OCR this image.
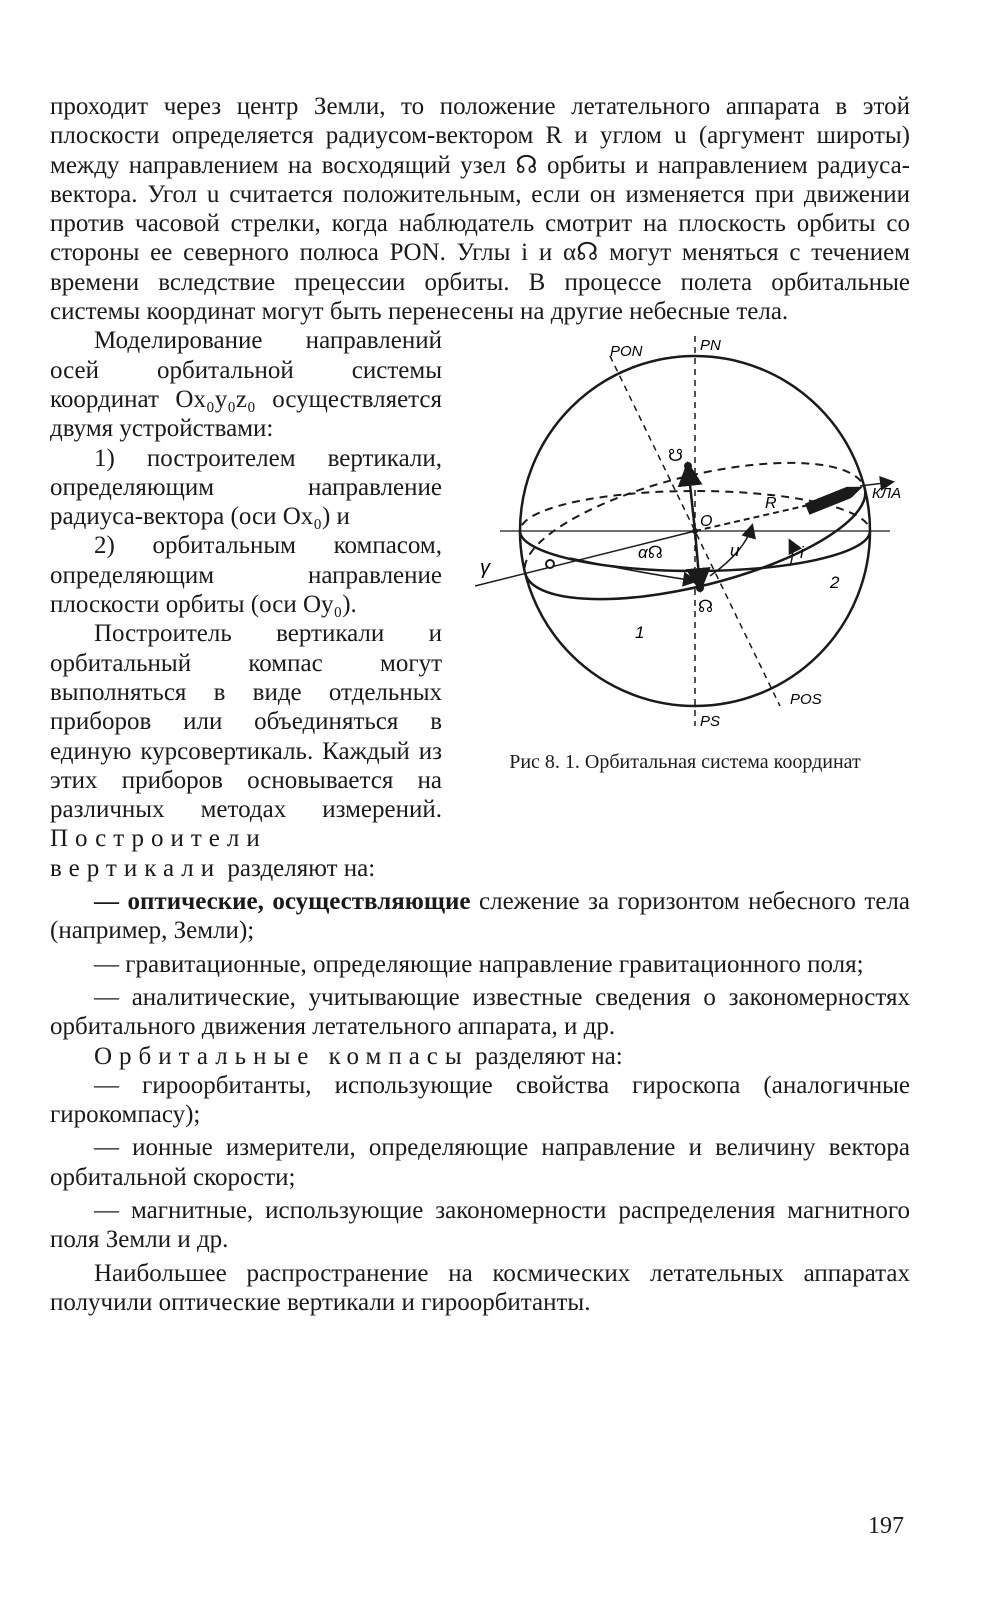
проходит через центр Земли, то положение летательного аппарата в этой плоскости определяется радиусом-вектором R и углом u (аргумент широты) между направлением на восходящий узел ☊ орбиты и направлением радиуса-вектора. Угол u считается положительным, если он изменяется при движении против часовой стрелки, когда наблюдатель смотрит на плоскость орбиты со стороны ее северного полюса PON. Углы i и α☊ могут меняться с течением времени вследствие прецессии орбиты. В процессе полета орбитальные системы координат могут быть перенесены на другие небесные тела.

PON	PN
☋
O
R̄
КЛА
γ
α☊	u	i
2
☊
1
POS
PS
Рис 8. 1. Орбитальная система координат

Моделирование направлений осей орбитальной системы координат Ox₀y₀z₀ осуществляется двумя устройствами:

1) построителем вертикали, определяющим направление радиуса-вектора (оси Ox₀) и

2) орбитальным компасом, определяющим направление плоскости орбиты (оси Oy₀).

Построитель вертикали и орбитальный компас могут выполняться в виде отдельных приборов или объединяться в единую курсовертикаль. Каждый из этих приборов основывается на различных методах измерений. Построители вертикали разделяют на:

— оптические, осуществляющие слежение за горизонтом небесного тела (например, Земли);

— гравитационные, определяющие направление гравитационного поля;

— аналитические, учитывающие известные сведения о закономерностях орбитального движения летательного аппарата, и др.

Орбитальные компасы разделяют на:

— гироорбитанты, использующие свойства гироскопа (аналогичные гирокомпасу);

— ионные измерители, определяющие направление и величину вектора орбитальной скорости;

— магнитные, использующие закономерности распределения магнитного поля Земли и др.

Наибольшее распространение на космических летательных аппаратах получили оптические вертикали и гироорбитанты.

197
